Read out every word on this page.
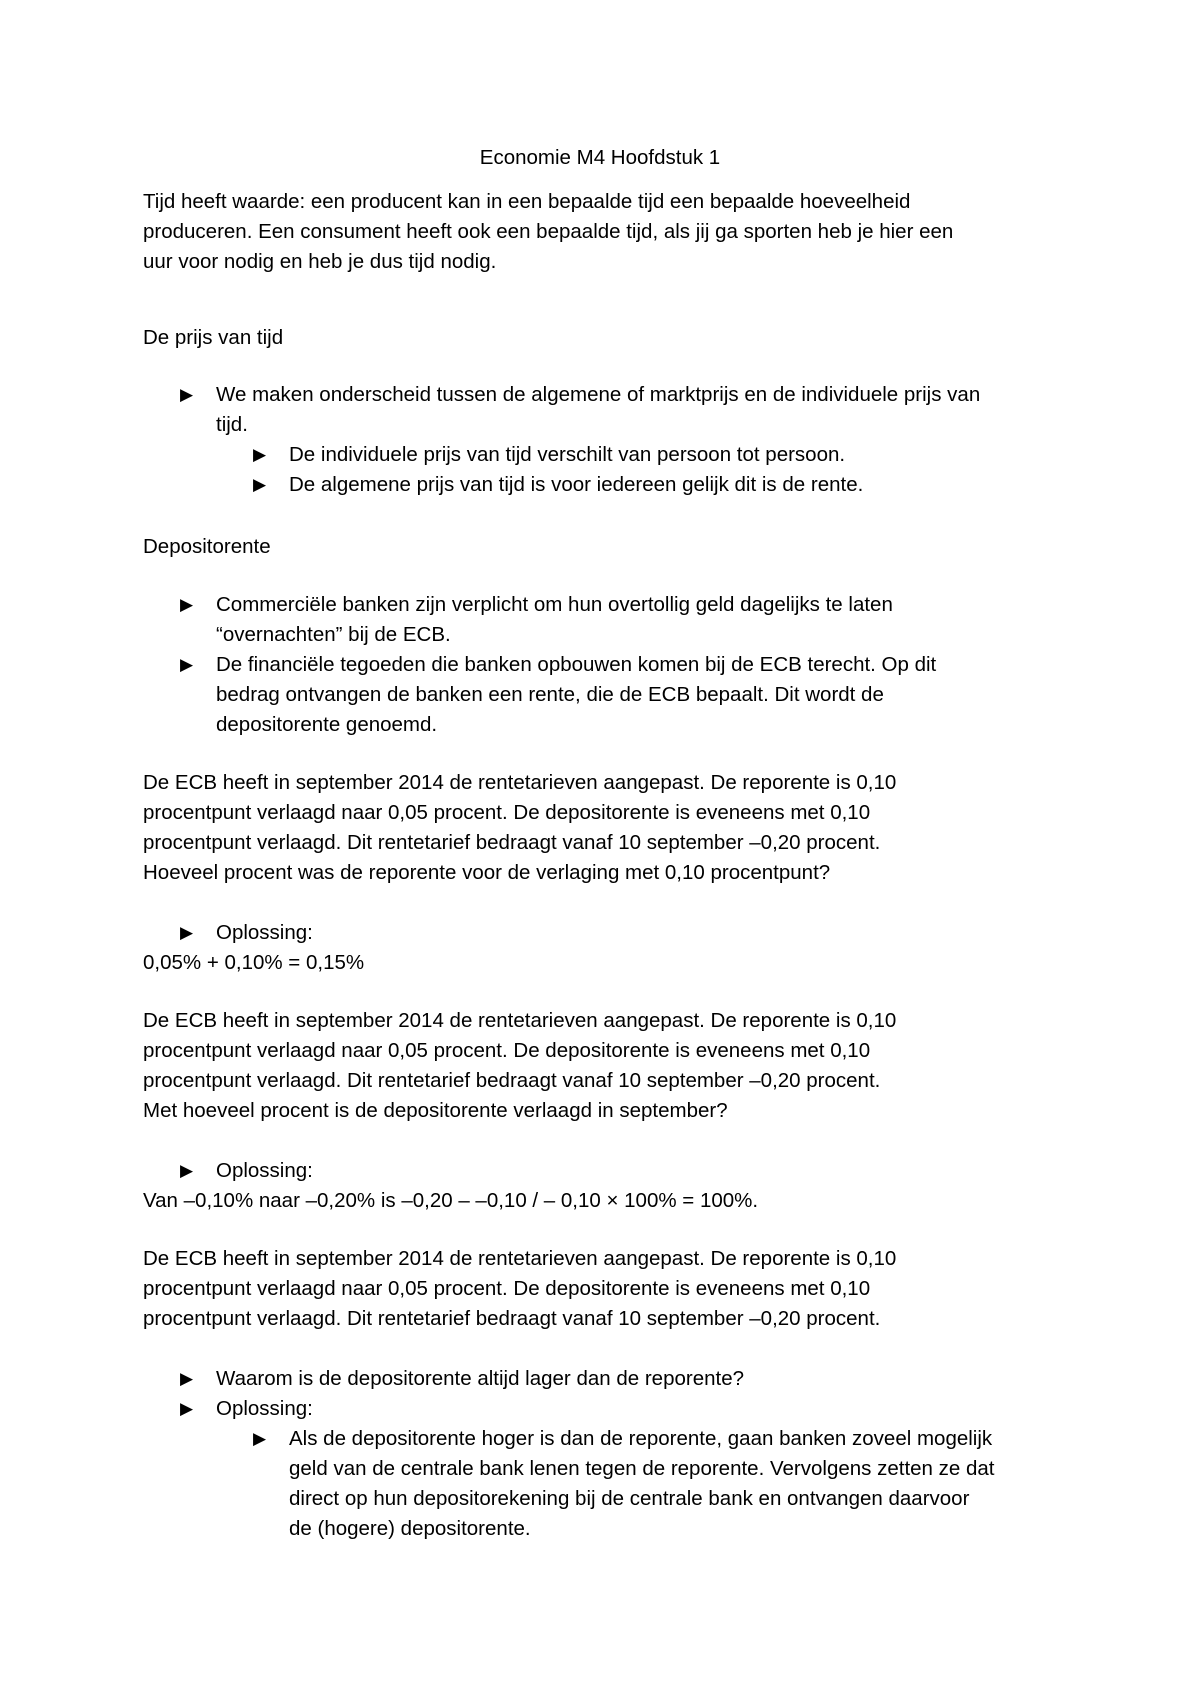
Economie M4 Hoofdstuk 1
Tijd heeft waarde: een producent kan in een bepaalde tijd een bepaalde hoeveelheid
produceren. Een consument heeft ook een bepaalde tijd, als jij ga sporten heb je hier een
uur voor nodig en heb je dus tijd nodig.
De prijs van tijd
▶ We maken onderscheid tussen de algemene of marktprijs en de individuele prijs van
tijd.
▶ De individuele prijs van tijd verschilt van persoon tot persoon.
▶ De algemene prijs van tijd is voor iedereen gelijk dit is de rente.
Depositorente
▶ Commerciële banken zijn verplicht om hun overtollig geld dagelijks te laten
“overnachten” bij de ECB.
▶ De financiële tegoeden die banken opbouwen komen bij de ECB terecht. Op dit
bedrag ontvangen de banken een rente, die de ECB bepaalt. Dit wordt de
depositorente genoemd.
De ECB heeft in september 2014 de rentetarieven aangepast. De reporente is 0,10
procentpunt verlaagd naar 0,05 procent. De depositorente is eveneens met 0,10
procentpunt verlaagd. Dit rentetarief bedraagt vanaf 10 september –0,20 procent.
Hoeveel procent was de reporente voor de verlaging met 0,10 procentpunt?
▶ Oplossing:
0,05% + 0,10% = 0,15%
De ECB heeft in september 2014 de rentetarieven aangepast. De reporente is 0,10
procentpunt verlaagd naar 0,05 procent. De depositorente is eveneens met 0,10
procentpunt verlaagd. Dit rentetarief bedraagt vanaf 10 september –0,20 procent.
Met hoeveel procent is de depositorente verlaagd in september?
▶ Oplossing:
Van –0,10% naar –0,20% is –0,20 – –0,10 / – 0,10 × 100% = 100%.
De ECB heeft in september 2014 de rentetarieven aangepast. De reporente is 0,10
procentpunt verlaagd naar 0,05 procent. De depositorente is eveneens met 0,10
procentpunt verlaagd. Dit rentetarief bedraagt vanaf 10 september –0,20 procent.
▶ Waarom is de depositorente altijd lager dan de reporente?
▶ Oplossing:
▶ Als de depositorente hoger is dan de reporente, gaan banken zoveel mogelijk
geld van de centrale bank lenen tegen de reporente. Vervolgens zetten ze dat
direct op hun depositorekening bij de centrale bank en ontvangen daarvoor
de (hogere) depositorente.
